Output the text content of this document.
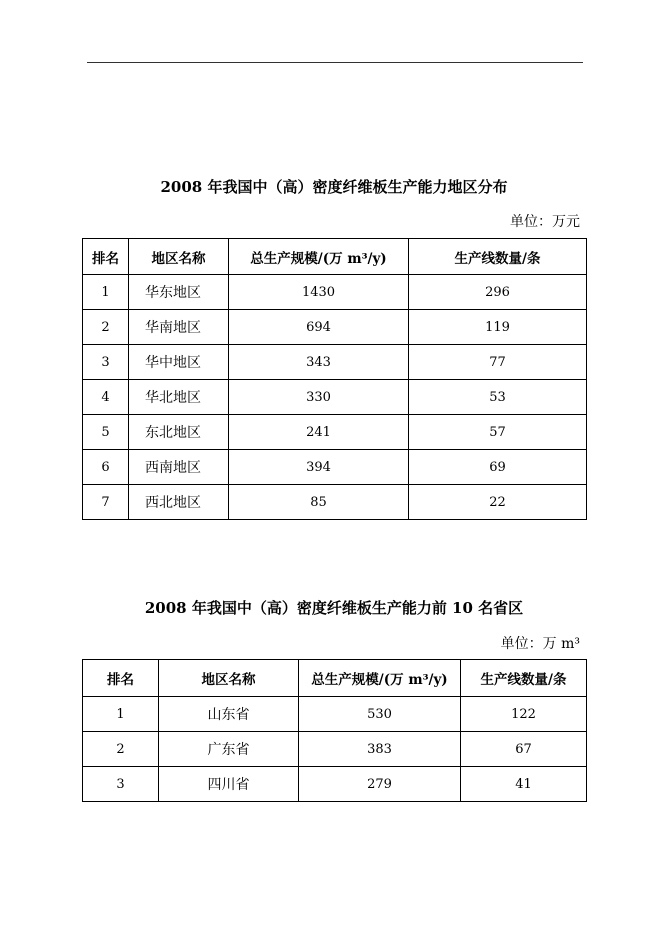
2008 年我国中（高）密度纤维板生产能力地区分布
单位：万元
排名	地区名称	总生产规模/(万 m³/y)	生产线数量/条
1	华东地区	1430	296
2	华南地区	694	119
3	华中地区	343	77
4	华北地区	330	53
5	东北地区	241	57
6	西南地区	394	69
7	西北地区	85	22
2008 年我国中（高）密度纤维板生产能力前 10 名省区
单位：万 m³
排名	地区名称	总生产规模/(万 m³/y)	生产线数量/条
1	山东省	530	122
2	广东省	383	67
3	四川省	279	41
